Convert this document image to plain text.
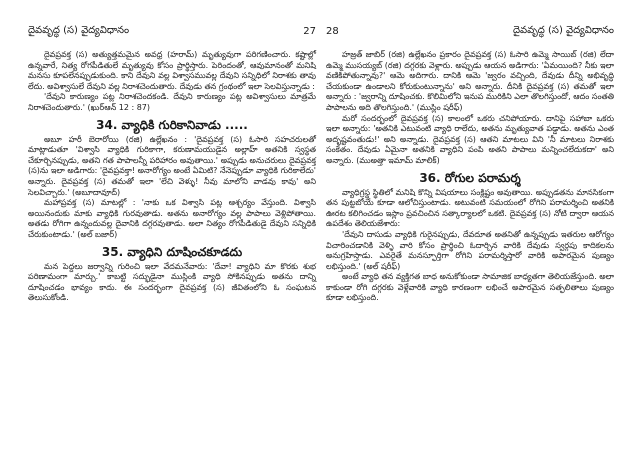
దైవవృద్ధ (స) వైద్యవిధానం	27

దైవప్రవక్త (స) అత్యుత్తమమైన అవధ్ర (హరామ్) మృత్యువుగా పరిగణించారు. కష్టాల్లో ఉన్నవారే, నిత్య రోగపీడితులే మృత్యువు కోసం ప్రార్థిస్తారు. పెరిందంతో, ఆవుమానంతో మనిషి మనసు కూపలేనప్పుడుకుంది. కాని దేవుని వల్ల విశ్వాసమువల్ల దేవుని సన్నిధిలో నిరాశకు తావు లేదు. అవిశ్వాసులే దేవుని వల్ల నిరాశచెందుతారు. దేవుడు తన గ్రంథంలో ఇలా సెలవిస్తున్నాడు :

'దేవుని కారుణ్యం పట్ల నిరాశచెందకండి. దేవుని కారుణ్యం పట్ల అవిశ్వాసులు మాత్రమే నిరాశచెందుతారు.' (ఖుర్‌ఆన్ 12 : 87)

34. వ్యాధికి గురికానివాడు .....

అబూ హరీ బెరారోయి (రజి) ఉల్లేఖనం : 'దైవప్రవక్త (స) ఓసారి సహచరులతో మాట్లాడుతూ 'విశ్వాసి వ్యాధికి గురికాగా, కరుణామయుడైన అల్లాహ్ అతనికి స్వస్థత చేకూర్చినప్పుడు, అతని గత పాపాలన్నీ పరిహారం అవుతాయి.' అప్పుడు అనుచరులు దైవప్రవక్త (స)ను ఇలా అడిగారు: 'దైవప్రవక్తా! అనారోగ్యం అంటే ఏమిటి? నేనెప్పుడూ వ్యాధికి గురికాలేదు' అన్నారు. దైవప్రవక్త (స) తమతో ఇలా 'లేచి వెళ్ళు! నీవు మాలోని వాడవు కావు' అని సెలవిచ్చారు.' (అబూదావూద్)

మహాప్రవక్త (స) మాటల్లో : 'నాకు ఒక విశ్వాసి పట్ల ఆశ్చర్యం వేస్తుంది. విశ్వాసి అయినందుకు మాకు వ్యాధికి గురవుతాడు. అతను అనారోగ్యం వల్ల పాపాలు వెళ్లిపోతాయి. అతడు రోగిగా ఉన్నందువల్ల దైవానికి దగ్గరవుతాడు. అలా నిత్యం రోగపీడితుడై దేవుని సన్నిధికి చేరుకుంటాడు.' (అల్ బజార్)

35. వ్యాధిని దూషించకూడదు

మన పెద్దలు జర్వాన్ని గురించి ఇలా వేదమనేవారు: 'దేవా! వ్యాధిని మా కొరకు శుభ పరిణామంగా మార్చు.' కాబట్టి సద్భుడైనా ముస్లింకి వ్యాధి సోకినప్పుడు అతను దాన్ని దూషించడం భావ్యం కాదు. ఈ సందర్భంగా దైవప్రవక్త (స) జీవితంలోని ఓ సంఘటన తెలుసుకోండి.

28	దైవవృద్ధ (స) వైద్యవిధానం

హజ్రత్ జాబిర్ (రజి) ఉల్లేఖనం ప్రకారం దైవప్రవక్త (స) ఓసారి ఉమ్మె సాయిబ్ (రజి) లేదా ఉమ్మె ముసయ్యబ్ (రజి) దగ్గరకు వెళ్లారు. అప్పుడు ఆయన అడిగారు: 'ఏమయింది? నీకు ఇలా వణికిపోతున్నావు?' ఆమె అదిగారు. దానికి ఆమె 'జ్వరం వచ్చింది, దేవుడు దీన్ని అభివృద్ధి చేయకుండా ఉండాలని కోరుకుంటున్నాను' అని అన్నారు. దీనికి దైవప్రవక్త (స) తమతో ఇలా అన్నారు : 'జ్వరాన్ని దూషించకు. కొలిమిలోని ఇనుప మురికిని ఎలా తొలగిస్తుందో, ఆదం సంతతి పాపాలను అది తొలగిస్తుంది.' (ముస్లిం షరీఫ్)

మరో సందర్భంలో దైవప్రవక్త (స) కాలంలో ఒకరు చనిపోయారు. దానిపై సహాబా ఒకరు ఇలా అన్నారు: 'అతనికి ఎటువంటి వ్యాధి రాలేదు, అతను మృత్యువాత పడ్డాడు. అతను ఎంత అదృష్టవంతుడు!' అని అన్నాడు. దైవప్రవక్త (స) ఆతని మాటలు విని 'నీ మాటలు నిరాశకు సంకేతం. దేవుడు ఏమైనా అతనికి వ్యాధిని పంపి అతని పాపాలు మన్నించలేదుకదా' అని అన్నారు. (ముఅత్తా ఇమామ్ మాలిక్)

36. రోగుల పరామర్శ

వ్యాధిగ్రస్థ స్థితిలో మనిషి కొన్ని విషయాలు సంక్లిష్టం అవుతాయి. అప్పుడతను మానసికంగా తన పుట్టబోయే కూడా ఆలోచిస్తుంటాడు. అటువంటి సమయంలో రోగిని పరామర్శించి అతనికి ఊరట కలిగించడం ఇస్లాం ప్రవచించిన సత్కార్యాలలో ఒకటి. దైవప్రవక్త (స) నోటి ద్వారా ఆయన ఉపదేశం తెలియజేశారు:

'దేవుని దాసుడు వ్యాధికి గురైనప్పుడు, దేవదూత అతనితో ఉన్నప్పుడు ఇతరుల ఆరోగ్యం విచారించడానికి వెళ్ళి వారి కోసం ప్రార్థించి ఓదార్చిన వారికి దేవుడు స్వర్గపు కాదికలను అనుగ్రహిస్తాడు. ఎవరైతే మనస్ఫూర్తిగా రోగిని పరామర్శిస్తారో వారికి అపారమైన పుణ్యం లభిస్తుంది.' (అల్ షరీఫ్)

అంటే వ్యాధి తన వ్యక్తిగత బాధ అనుకోకుండా సామాజిక బాధ్యతగా తెలియజేస్తుంది. అలా కాకుండా రోగి దగ్గరకు వెళ్లేవారికి వ్యాధి కారణంగా లభించే అపారమైన సత్ఫలితాలు పుణ్యం కూడా లభిస్తుంది.
